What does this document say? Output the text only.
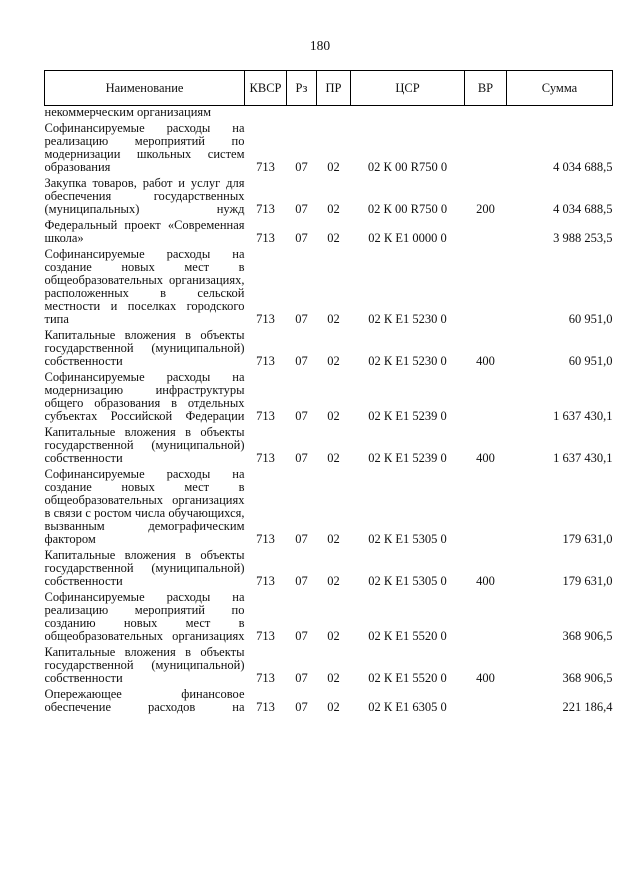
180
Наименование	КВСР	Рз	ПР	ЦСР	ВР	Сумма
некоммерческим организациям						
Софинансируемые расходы на реализацию мероприятий по модернизации школьных систем образования	713	07	02	02 К 00 R750 0		4 034 688,5
Закупка товаров, работ и услуг для обеспечения государственных (муниципальных) нужд	713	07	02	02 К 00 R750 0	200	4 034 688,5
Федеральный проект «Современная школа»	713	07	02	02 К Е1 0000 0		3 988 253,5
Софинансируемые расходы на создание новых мест в общеобразовательных организациях, расположенных в сельской местности и поселках городского типа	713	07	02	02 К Е1 5230 0		60 951,0
Капитальные вложения в объекты государственной (муниципальной) собственности	713	07	02	02 К Е1 5230 0	400	60 951,0
Софинансируемые расходы на модернизацию инфраструктуры общего образования в отдельных субъектах Российской Федерации	713	07	02	02 К Е1 5239 0		1 637 430,1
Капитальные вложения в объекты государственной (муниципальной) собственности	713	07	02	02 К Е1 5239 0	400	1 637 430,1
Софинансируемые расходы на создание новых мест в общеобразовательных организациях в связи с ростом числа обучающихся, вызванным демографическим фактором	713	07	02	02 К Е1 5305 0		179 631,0
Капитальные вложения в объекты государственной (муниципальной) собственности	713	07	02	02 К Е1 5305 0	400	179 631,0
Софинансируемые расходы на реализацию мероприятий по созданию новых мест в общеобразовательных организациях	713	07	02	02 К Е1 5520 0		368 906,5
Капитальные вложения в объекты государственной (муниципальной) собственности	713	07	02	02 К Е1 5520 0	400	368 906,5
Опережающее финансовое обеспечение расходов на	713	07	02	02 К Е1 6305 0		221 186,4
